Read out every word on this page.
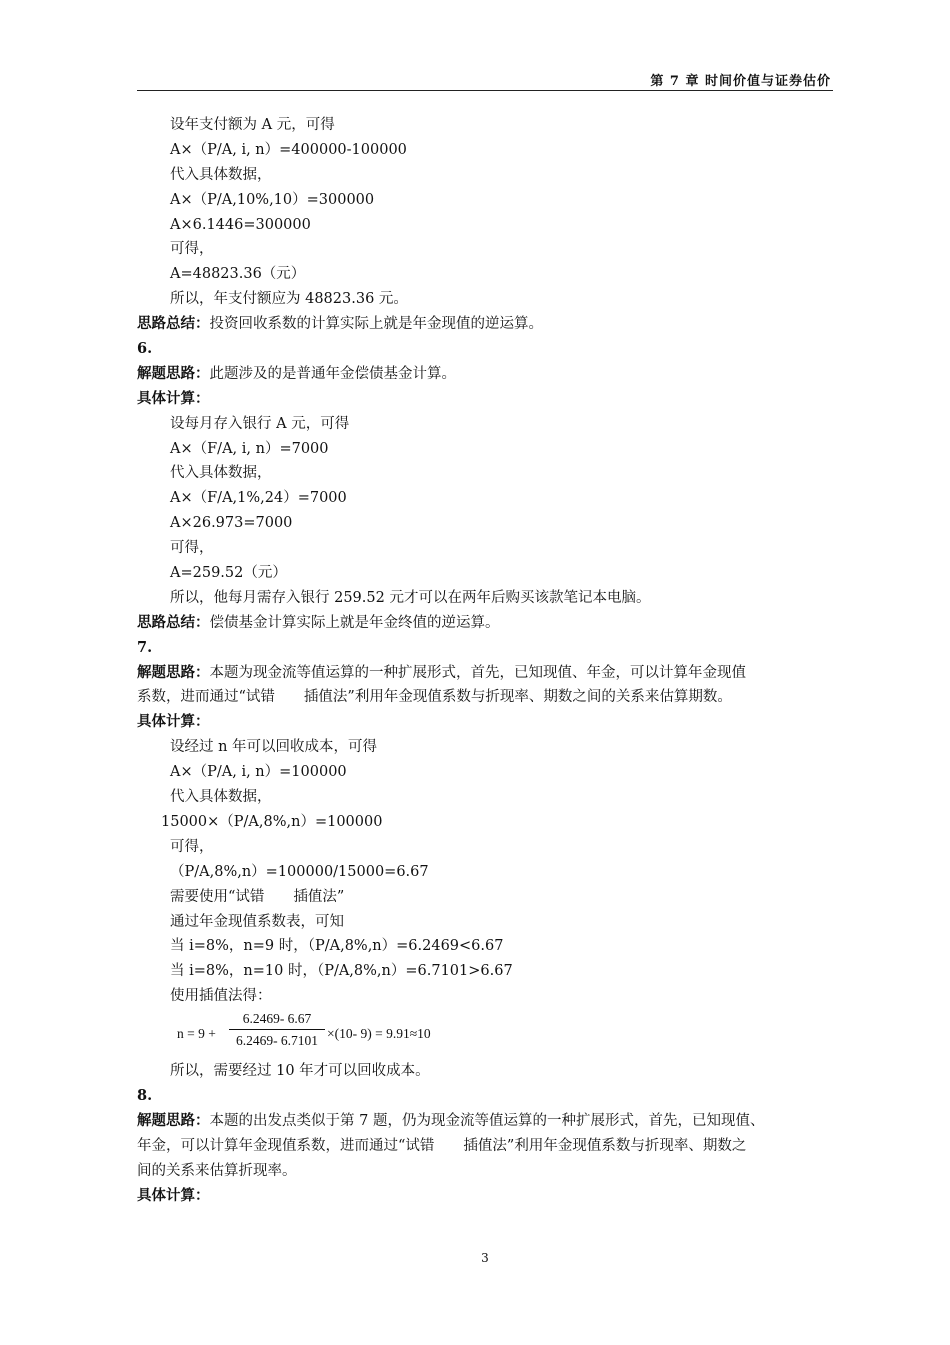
第 7 章 时间价值与证券估价
设年支付额为 A 元，可得
A×（P/A, i, n）=400000-100000
代入具体数据，
A×（P/A,10%,10）=300000
A×6.1446=300000
可得，
A=48823.36（元）
所以，年支付额应为 48823.36 元。
思路总结：投资回收系数的计算实际上就是年金现值的逆运算。
6.
解题思路：此题涉及的是普通年金偿债基金计算。
具体计算：
设每月存入银行 A 元，可得
A×（F/A, i, n）=7000
代入具体数据，
A×（F/A,1%,24）=7000
A×26.973=7000
可得，
A=259.52（元）
所以，他每月需存入银行 259.52 元才可以在两年后购买该款笔记本电脑。
思路总结：偿债基金计算实际上就是年金终值的逆运算。
7.
解题思路：本题为现金流等值运算的一种扩展形式，首先，已知现值、年金，可以计算年金现值
系数，进而通过“试错　　插值法”利用年金现值系数与折现率、期数之间的关系来估算期数。
具体计算：
设经过 n 年可以回收成本，可得
A×（P/A, i, n）=100000
代入具体数据，
15000×（P/A,8%,n）=100000
可得，
（P/A,8%,n）=100000/15000=6.67
需要使用“试错　　插值法”
通过年金现值系数表，可知
当 i=8%，n=9 时，（P/A,8%,n）=6.2469<6.67
当 i=8%，n=10 时，（P/A,8%,n）=6.7101>6.67
使用插值法得：
$n = 9 + \frac{6.2469- 6.67}{6.2469- 6.7101} \times(10-$ 9) = 9.91≈10
所以，需要经过 10 年才可以回收成本。
8.
解题思路：本题的出发点类似于第 7 题，仍为现金流等值运算的一种扩展形式，首先，已知现值、
年金，可以计算年金现值系数，进而通过“试错　　插值法”利用年金现值系数与折现率、期数之
间的关系来估算折现率。
具体计算：
3
